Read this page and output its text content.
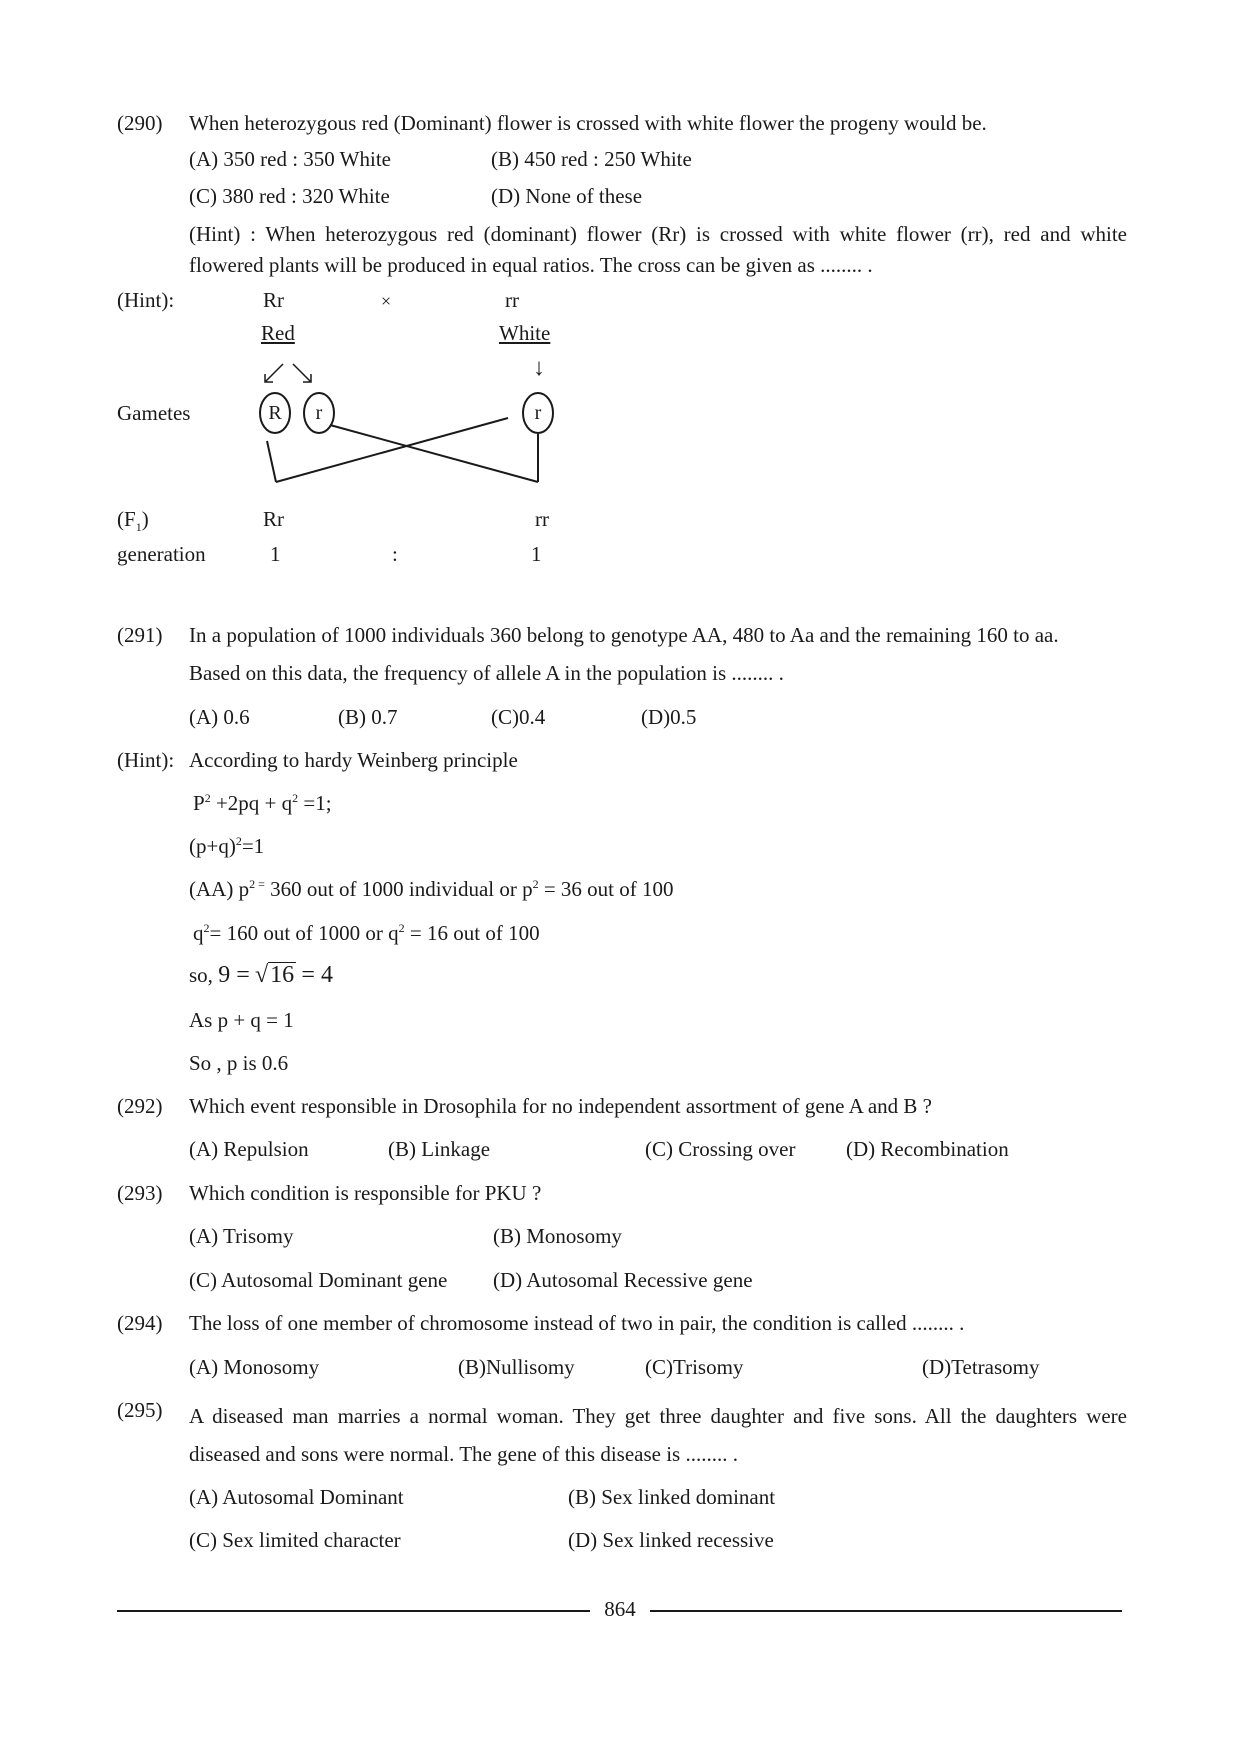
(290) When heterozygous red (Dominant) flower is crossed with white flower the progeny would be.
(A) 350 red : 350 White	(B) 450 red : 250 White
(C) 380 red : 320 White	(D) None of these
(Hint) : When heterozygous red (dominant) flower (Rr) is crossed with white flower (rr), red and white flowered plants will be produced in equal ratios. The cross can be given as ........ .
(Hint):	Rr	×	rr
Red	White
↓
Gametes	R	r	r
$(F_1)$	Rr	rr
generation	1	:	1
(291) In a population of 1000 individuals 360 belong to genotype AA, 480 to Aa and the remaining 160 to aa.
Based on this data, the frequency of allele A in the population is ........ .
(A) 0.6	(B) 0.7	(C)0.4	(D)0.5
(Hint): According to hardy Weinberg principle
$P^2 +2pq + q^2 =1$;
$(p+q)^2=1$
(AA) $p^{2 =}$ 360 out of 1000 individual or $p^2 = 36$ out of 100
$q^2= 160$ out of 1000 or $q^2 = 16$ out of 100
so, 9 = √16 = 4
As p + q = 1
So , p is 0.6
(292) Which event responsible in Drosophila for no independent assortment of gene A and B ?
(A) Repulsion	(B) Linkage	(C) Crossing over (D) Recombination
(293) Which condition is responsible for PKU ?
(A) Trisomy	(B) Monosomy
(C) Autosomal Dominant gene (D) Autosomal Recessive gene
(294) The loss of one member of chromosome instead of two in pair, the condition is called ........ .
(A) Monosomy	(B)Nullisomy	(C)Trisomy	(D)Tetrasomy
(295) A diseased man marries a normal woman. They get three daughter and five sons. All the daughters were diseased and sons were normal. The gene of this disease is ........ .
(A) Autosomal Dominant	(B) Sex linked dominant
(C) Sex limited character	(D) Sex linked recessive
864
